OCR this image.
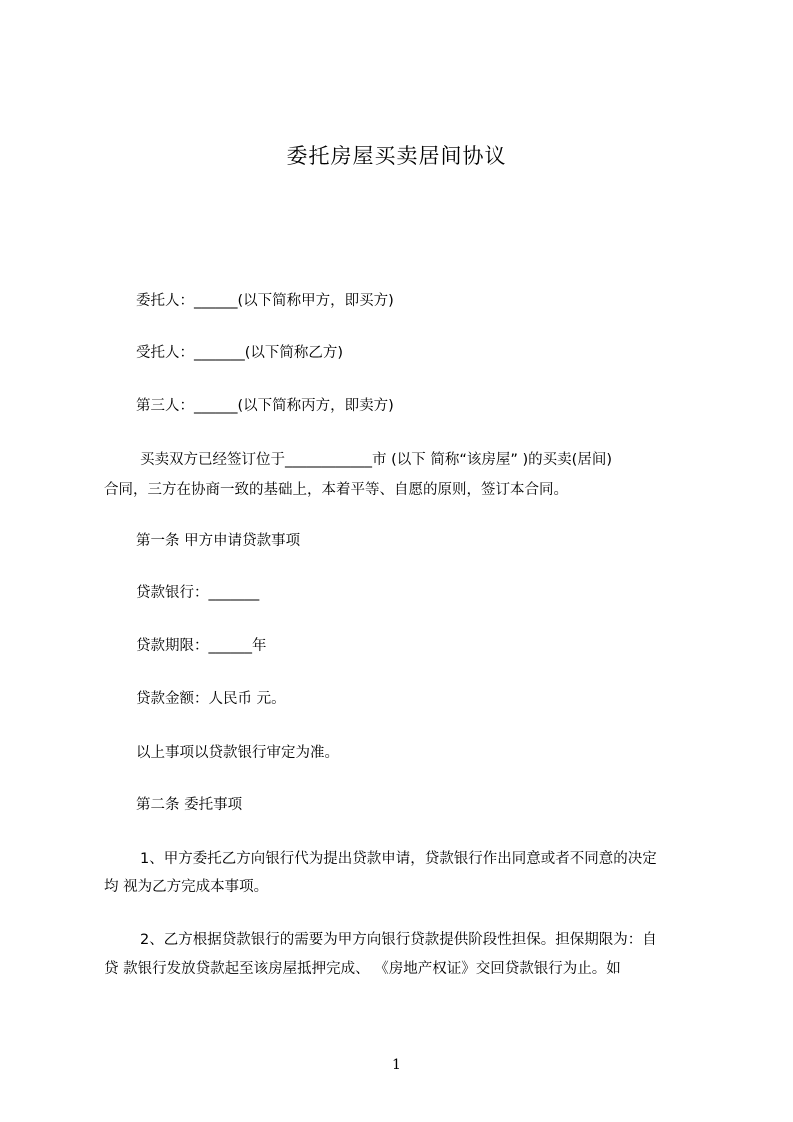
委托房屋买卖居间协议
委托人：______(以下简称甲方，即买方)
受托人：_______(以下简称乙方)
第三人：______(以下简称丙方，即卖方)
买卖双方已经签订位于____________市 (以下 简称“该房屋” )的买卖(居间)
合同，三方在协商一致的基础上，本着平等、自愿的原则，签订本合同。
第一条 甲方申请贷款事项
贷款银行：_______
贷款期限：______年
贷款金额：人民币 元。
以上事项以贷款银行审定为准。
第二条 委托事项
1、甲方委托乙方向银行代为提出贷款申请，贷款银行作出同意或者不同意的决定
均 视为乙方完成本事项。
2、乙方根据贷款银行的需要为甲方向银行贷款提供阶段性担保。担保期限为：自
贷 款银行发放贷款起至该房屋抵押完成、 《房地产权证》交回贷款银行为止。如
1
